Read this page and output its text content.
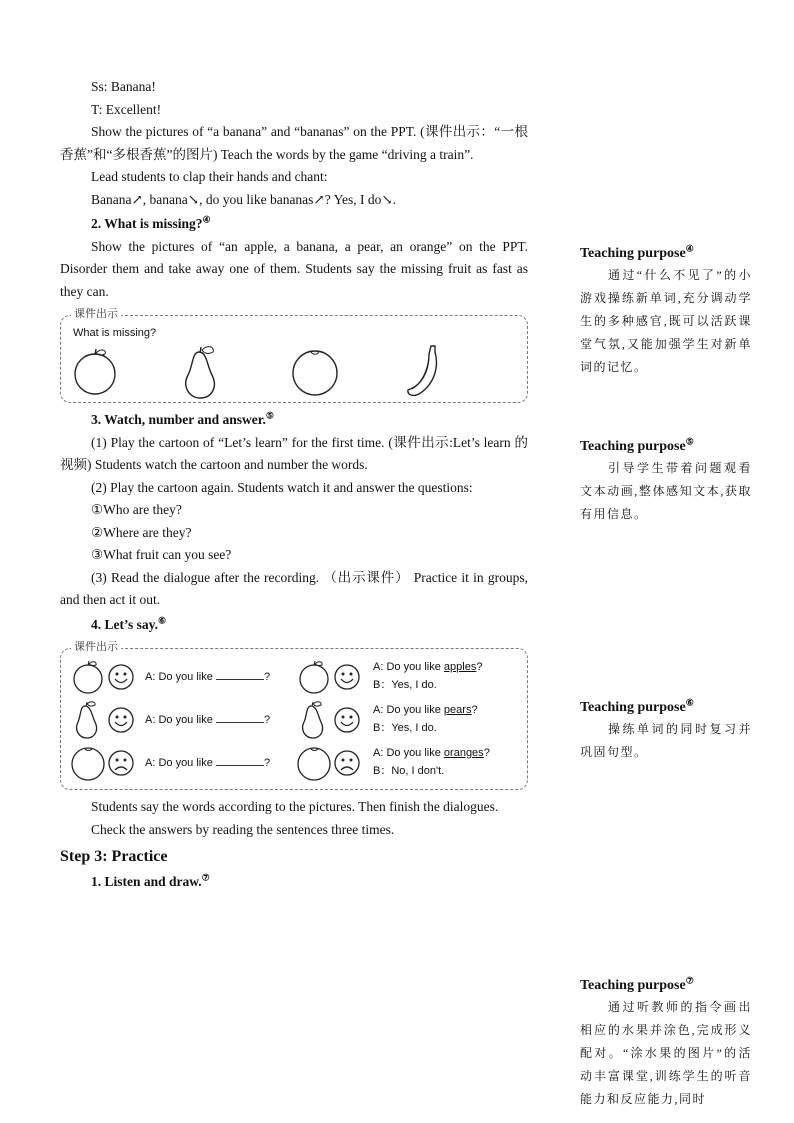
Ss: Banana!

T: Excellent!

Show the pictures of “a banana” and “bananas” on the PPT. (课件出示：“一根香蕉”和“多根香蕉”的图片) Teach the words by the game “driving a train”.

Lead students to clap their hands and chant:

Banana↗, banana↘, do you like bananas↗? Yes, I do↘.

2. What is missing?④

Show the pictures of “an apple, a banana, a pear, an orange” on the PPT. Disorder them and take away one of them. Students say the missing fruit as fast as they can.

课件出示
What is missing?

3. Watch, number and answer.⑤

(1) Play the cartoon of “Let’s learn” for the first time. (课件出示:Let’s learn 的视频) Students watch the cartoon and number the words.

(2) Play the cartoon again. Students watch it and answer the questions:

①Who are they?

②Where are they?

③What fruit can you see?

(3) Read the dialogue after the recording. （出示课件） Practice it in groups, and then act it out.

4. Let’s say.⑥

课件出示
A: Do you like	?
A: Do you like apples?
B：Yes, I do.
A: Do you like	?
A: Do you like pears?
B：Yes, I do.
A: Do you like	?
A: Do you like oranges?
B：No, I don't.

Students say the words according to the pictures. Then finish the dialogues.

Check the answers by reading the sentences three times.

Step 3: Practice

1. Listen and draw.⑦

Teaching purpose④
通过“什么不见了”的小游戏操练新单词,充分调动学生的多种感官,既可以活跃课堂气氛,又能加强学生对新单词的记忆。
Teaching purpose⑤
引导学生带着问题观看文本动画,整体感知文本,获取有用信息。
Teaching purpose⑥
操练单词的同时复习并巩固句型。
Teaching purpose⑦
通过听教师的指令画出相应的水果并涂色,完成形义配对。“涂水果的图片”的活动丰富课堂,训练学生的听音能力和反应能力,同时
